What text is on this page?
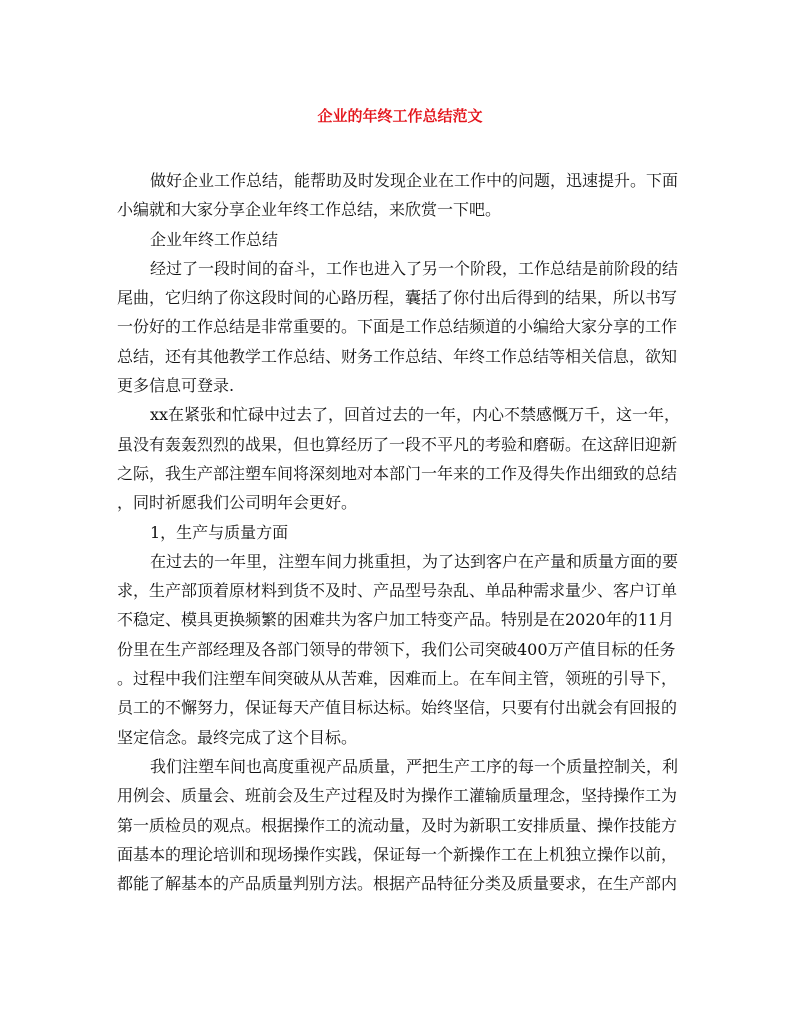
企业的年终工作总结范文
做好企业工作总结，能帮助及时发现企业在工作中的问题，迅速提升。下面
小编就和大家分享企业年终工作总结，来欣赏一下吧。
企业年终工作总结
经过了一段时间的奋斗，工作也进入了另一个阶段，工作总结是前阶段的结
尾曲，它归纳了你这段时间的心路历程，囊括了你付出后得到的结果，所以书写
一份好的工作总结是非常重要的。下面是工作总结频道的小编给大家分享的工作
总结，还有其他教学工作总结、财务工作总结、年终工作总结等相关信息，欲知
更多信息可登录.
xx在紧张和忙碌中过去了，回首过去的一年，内心不禁感慨万千，这一年，
虽没有轰轰烈烈的战果，但也算经历了一段不平凡的考验和磨砺。在这辞旧迎新
之际，我生产部注塑车间将深刻地对本部门一年来的工作及得失作出细致的总结
，同时祈愿我们公司明年会更好。
1，生产与质量方面
在过去的一年里，注塑车间力挑重担，为了达到客户在产量和质量方面的要
求，生产部顶着原材料到货不及时、产品型号杂乱、单品种需求量少、客户订单
不稳定、模具更换频繁的困难共为客户加工特变产品。特别是在2020年的11月
份里在生产部经理及各部门领导的带领下，我们公司突破400万产值目标的任务
。过程中我们注塑车间突破从从苦难，因难而上。在车间主管，领班的引导下，
员工的不懈努力，保证每天产值目标达标。始终坚信，只要有付出就会有回报的
坚定信念。最终完成了这个目标。
我们注塑车间也高度重视产品质量，严把生产工序的每一个质量控制关，利
用例会、质量会、班前会及生产过程及时为操作工灌输质量理念，坚持操作工为
第一质检员的观点。根据操作工的流动量，及时为新职工安排质量、操作技能方
面基本的理论培训和现场操作实践，保证每一个新操作工在上机独立操作以前，
都能了解基本的产品质量判别方法。根据产品特征分类及质量要求，在生产部内
